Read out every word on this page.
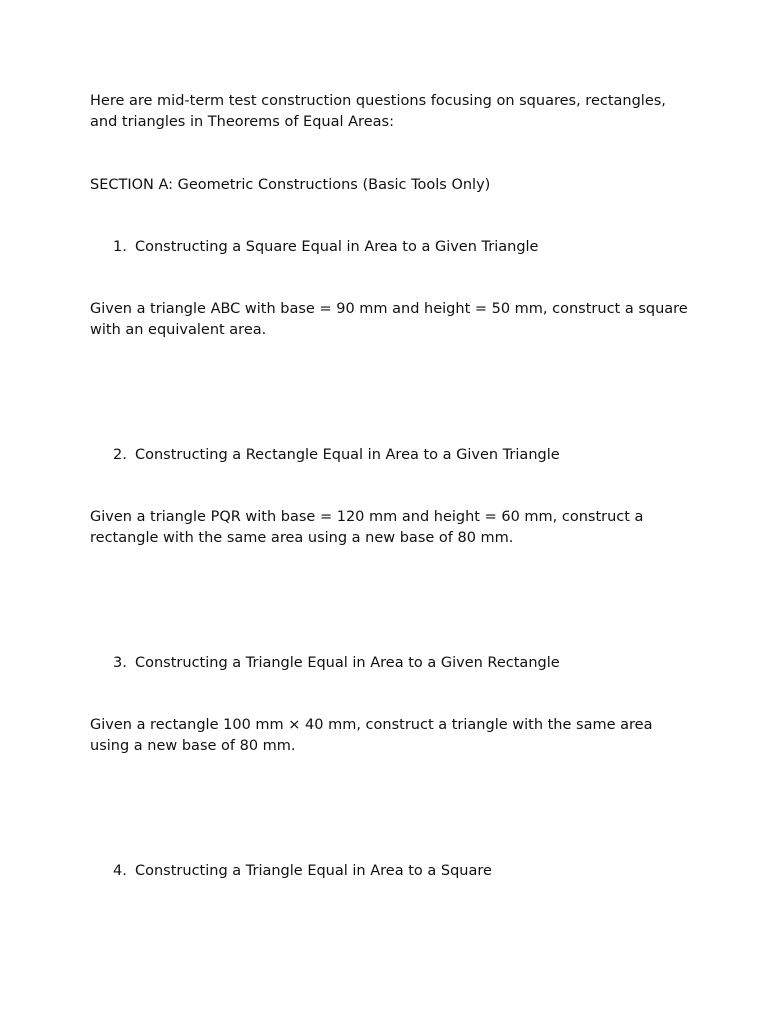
Here are mid-term test construction questions focusing on squares, rectangles, and triangles in Theorems of Equal Areas:

SECTION A: Geometric Constructions (Basic Tools Only)

1. Constructing a Square Equal in Area to a Given Triangle

Given a triangle ABC with base = 90 mm and height = 50 mm, construct a square with an equivalent area.

2. Constructing a Rectangle Equal in Area to a Given Triangle

Given a triangle PQR with base = 120 mm and height = 60 mm, construct a rectangle with the same area using a new base of 80 mm.

3. Constructing a Triangle Equal in Area to a Given Rectangle

Given a rectangle 100 mm × 40 mm, construct a triangle with the same area using a new base of 80 mm.

4. Constructing a Triangle Equal in Area to a Square
